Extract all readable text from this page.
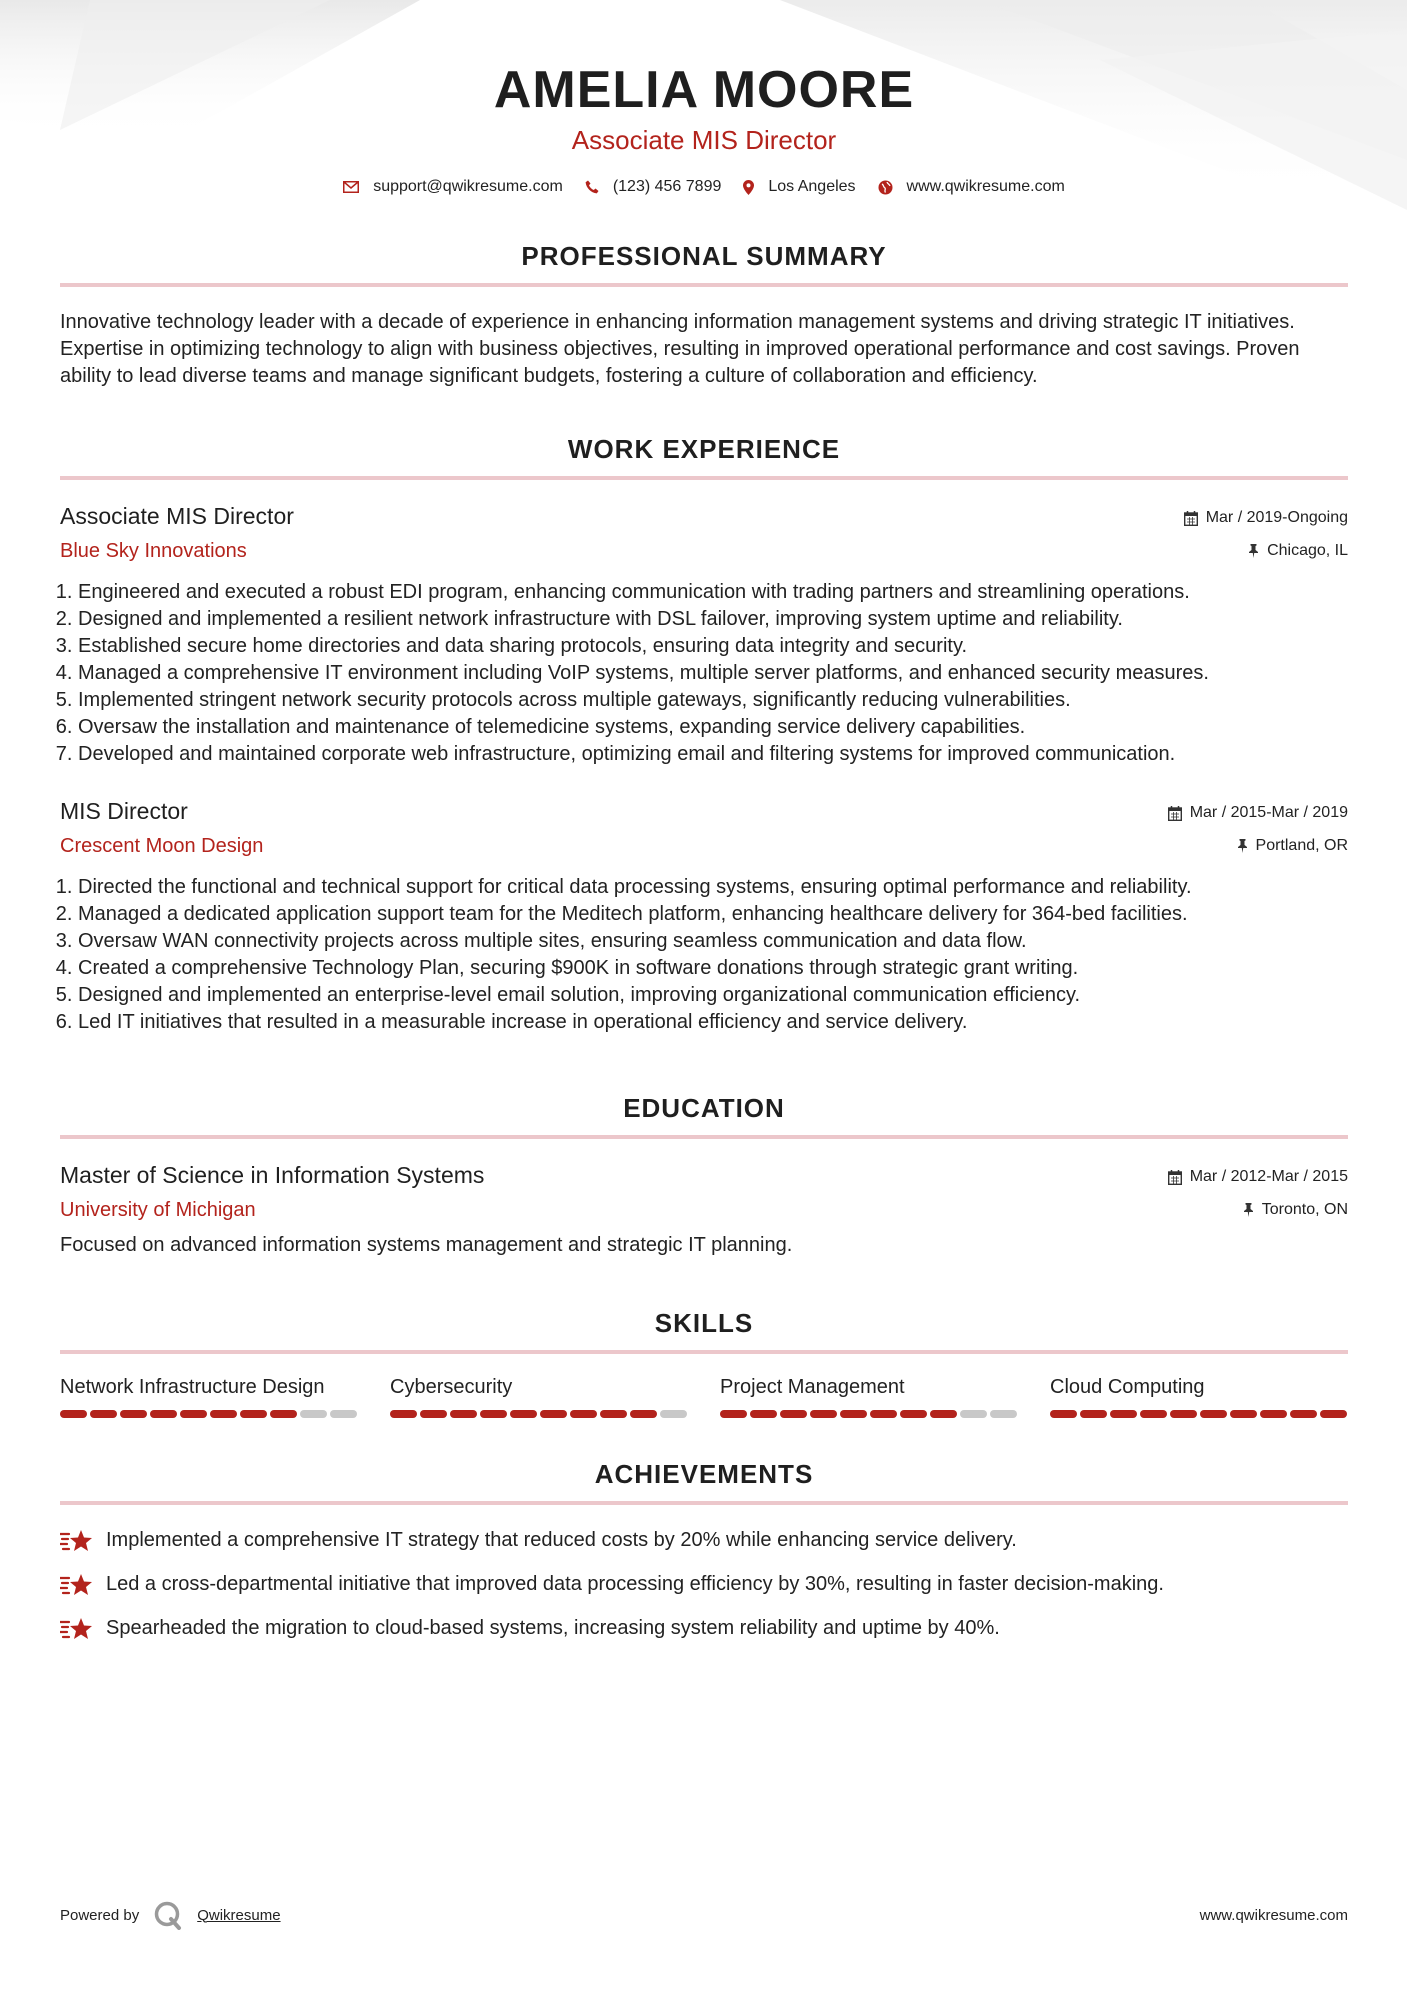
AMELIA MOORE
Associate MIS Director
support@qwikresume.com	(123) 456 7899	Los Angeles	www.qwikresume.com
PROFESSIONAL SUMMARY
Innovative technology leader with a decade of experience in enhancing information management systems and driving strategic IT initiatives. Expertise in optimizing technology to align with business objectives, resulting in improved operational performance and cost savings. Proven ability to lead diverse teams and manage significant budgets, fostering a culture of collaboration and efficiency.
WORK EXPERIENCE
Associate MIS Director
Blue Sky Innovations
Mar / 2019-Ongoing
Chicago, IL
1. Engineered and executed a robust EDI program, enhancing communication with trading partners and streamlining operations.
2. Designed and implemented a resilient network infrastructure with DSL failover, improving system uptime and reliability.
3. Established secure home directories and data sharing protocols, ensuring data integrity and security.
4. Managed a comprehensive IT environment including VoIP systems, multiple server platforms, and enhanced security measures.
5. Implemented stringent network security protocols across multiple gateways, significantly reducing vulnerabilities.
6. Oversaw the installation and maintenance of telemedicine systems, expanding service delivery capabilities.
7. Developed and maintained corporate web infrastructure, optimizing email and filtering systems for improved communication.
MIS Director
Crescent Moon Design
Mar / 2015-Mar / 2019
Portland, OR
1. Directed the functional and technical support for critical data processing systems, ensuring optimal performance and reliability.
2. Managed a dedicated application support team for the Meditech platform, enhancing healthcare delivery for 364-bed facilities.
3. Oversaw WAN connectivity projects across multiple sites, ensuring seamless communication and data flow.
4. Created a comprehensive Technology Plan, securing $900K in software donations through strategic grant writing.
5. Designed and implemented an enterprise-level email solution, improving organizational communication efficiency.
6. Led IT initiatives that resulted in a measurable increase in operational efficiency and service delivery.
EDUCATION
Master of Science in Information Systems
University of Michigan
Mar / 2012-Mar / 2015
Toronto, ON
Focused on advanced information systems management and strategic IT planning.
SKILLS
Network Infrastructure Design	Cybersecurity	Project Management	Cloud Computing
ACHIEVEMENTS
Implemented a comprehensive IT strategy that reduced costs by 20% while enhancing service delivery.
Led a cross-departmental initiative that improved data processing efficiency by 30%, resulting in faster decision-making.
Spearheaded the migration to cloud-based systems, increasing system reliability and uptime by 40%.
Powered by	Qwikresume	www.qwikresume.com
